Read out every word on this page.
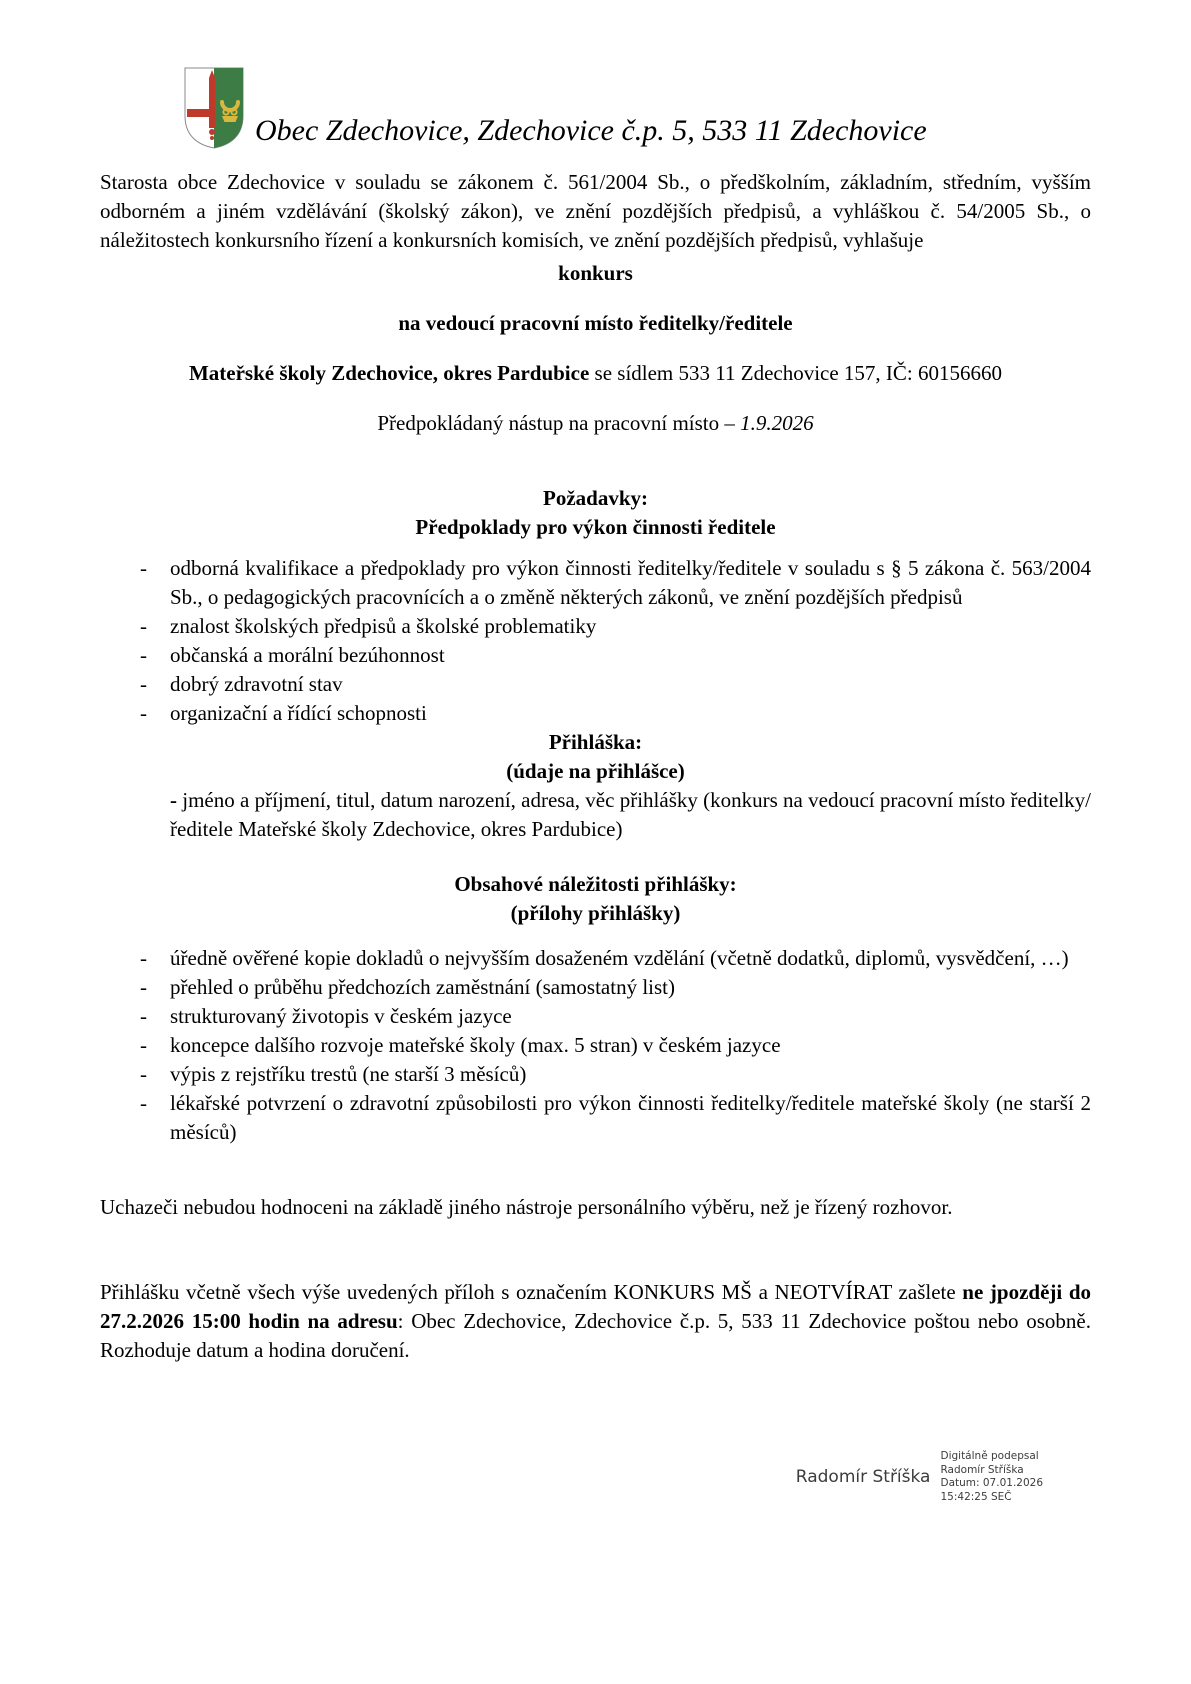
Obec Zdechovice, Zdechovice č.p. 5, 533 11 Zdechovice

Starosta obce Zdechovice v souladu se zákonem č. 561/2004 Sb., o předškolním, základním, středním, vyšším odborném a jiném vzdělávání (školský zákon), ve znění pozdějších předpisů, a vyhláškou č. 54/2005 Sb., o náležitostech konkursního řízení a konkursních komisích, ve znění pozdějších předpisů, vyhlašuje

konkurs
na vedoucí pracovní místo ředitelky/ředitele
Mateřské školy Zdechovice, okres Pardubice se sídlem 533 11 Zdechovice 157, IČ: 60156660
Předpokládaný nástup na pracovní místo – 1.9.2026
Požadavky:
Předpoklady pro výkon činnosti ředitele
-	odborná kvalifikace a předpoklady pro výkon činnosti ředitelky/ředitele v souladu s § 5 zákona č. 563/2004 Sb., o pedagogických pracovnících a o změně některých zákonů, ve znění pozdějších předpisů
-	znalost školských předpisů a školské problematiky
-	občanská a morální bezúhonnost
-	dobrý zdravotní stav
-	organizační a řídící schopnosti
Přihláška:
(údaje na přihlášce)

- jméno a příjmení, titul, datum narození, adresa, věc přihlášky (konkurs na vedoucí pracovní místo ředitelky/ředitele Mateřské školy Zdechovice, okres Pardubice)

Obsahové náležitosti přihlášky:
(přílohy přihlášky)
-	úředně ověřené kopie dokladů o nejvyšším dosaženém vzdělání (včetně dodatků, diplomů, vysvědčení, …)
-	přehled o průběhu předchozích zaměstnání (samostatný list)
-	strukturovaný životopis v českém jazyce
-	koncepce dalšího rozvoje mateřské školy (max. 5 stran) v českém jazyce
-	výpis z rejstříku trestů (ne starší 3 měsíců)
-	lékařské potvrzení o zdravotní způsobilosti pro výkon činnosti ředitelky/ředitele mateřské školy (ne starší 2 měsíců)

Uchazeči nebudou hodnoceni na základě jiného nástroje personálního výběru, než je řízený rozhovor.

Přihlášku včetně všech výše uvedených příloh s označením KONKURS MŠ a NEOTVÍRAT zašlete ne jpozději do 27.2.2026 15:00 hodin na adresu: Obec Zdechovice, Zdechovice č.p. 5, 533 11 Zdechovice poštou nebo osobně. Rozhoduje datum a hodina doručení.

Radomír Stříška
Digitálně podepsal
Radomír Stříška
Datum: 07.01.2026
15:42:25 SEČ
